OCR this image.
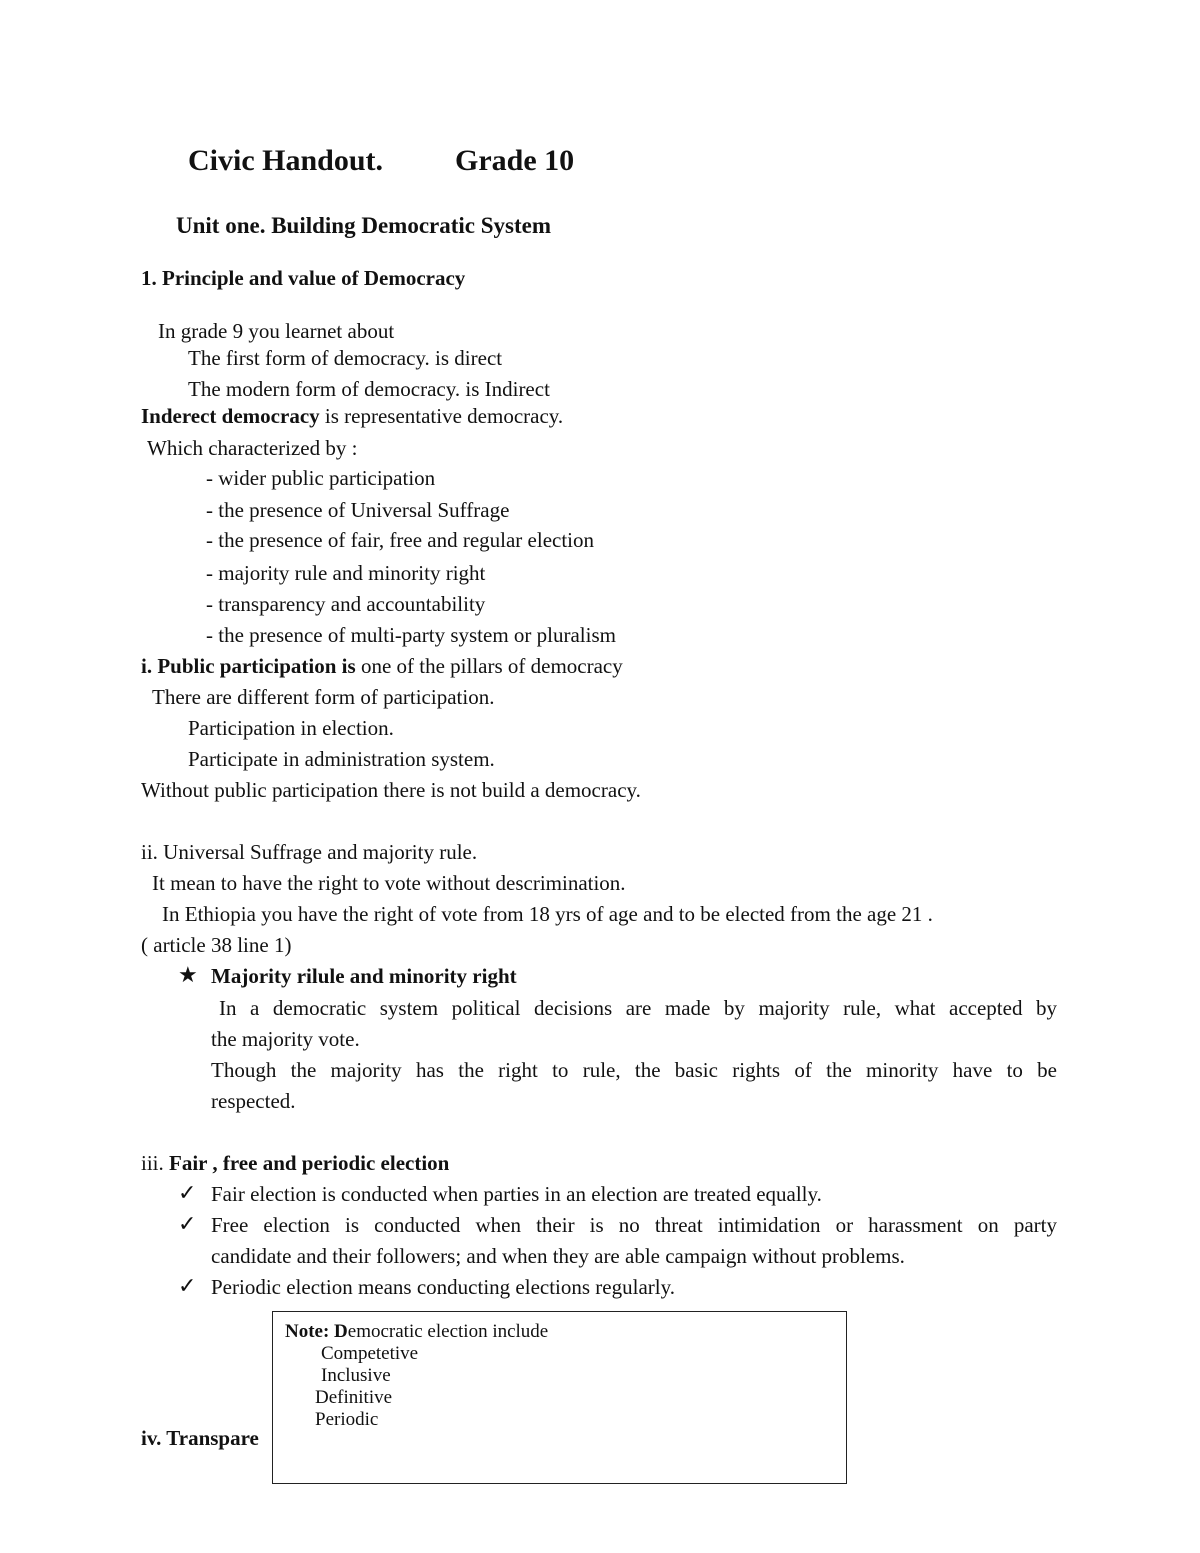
Civic Handout. Grade 10
Unit one. Building Democratic System
1. Principle and value of Democracy
In grade 9 you learnet about
The first form of democracy. is direct
The modern form of democracy. is Indirect
Inderect democracy is representative democracy.
Which characterized by :
- wider public participation
- the presence of Universal Suffrage
- the presence of fair, free and regular election
- majority rule and minority right
- transparency and accountability
- the presence of multi-party system or pluralism
i. Public participation is one of the pillars of democracy
There are different form of participation.
Participation in election.
Participate in administration system.
Without public participation there is not build a democracy.
ii. Universal Suffrage and majority rule.
It mean to have the right to vote without descrimination.
In Ethiopia you have the right of vote from 18 yrs of age and to be elected from the age 21 .
( article 38 line 1)
★ Majority rilule and minority right
In a democratic system political decisions are made by majority rule, what accepted by
the majority vote.
Though the majority has the right to rule, the basic rights of the minority have to be
respected.
iii. Fair , free and periodic election
✓ Fair election is conducted when parties in an election are treated equally.
✓ Free election is conducted when their is no threat intimidation or harassment on party
candidate and their followers; and when they are able campaign without problems.
✓ Periodic election means conducting elections regularly.
iv. Transpare
Note: Democratic election include
Competetive
Inclusive
Definitive
Periodic
